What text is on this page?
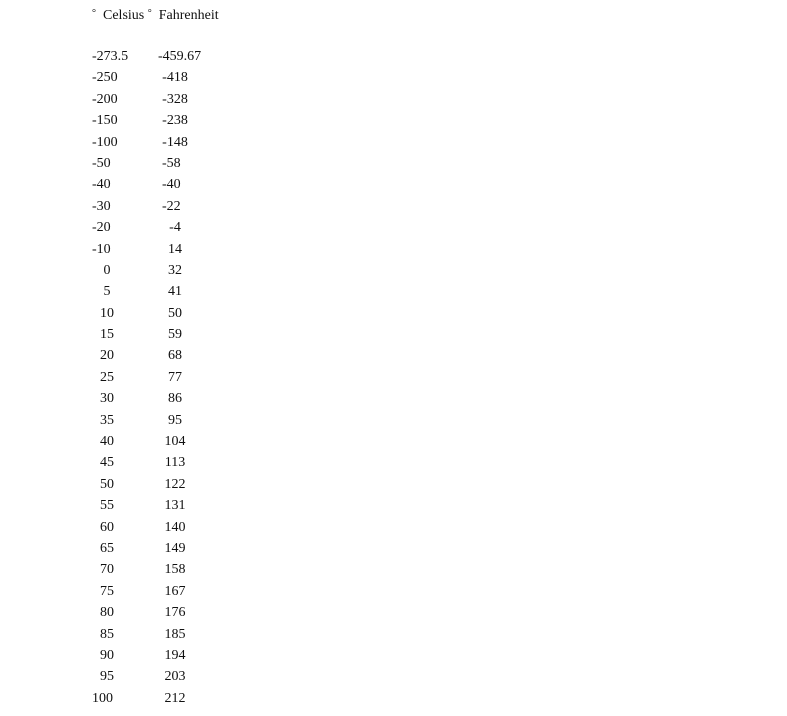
° Celsius ° Fahrenheit
-273.5 -459.67
-250	-418
-200	-328
-150	-238
-100	-148
-50	-58
-40	-40
-30	-22
-20	-4
-10	14
0	32
5	41
10	50
15	59
20	68
25	77
30	86
35	95
40	104
45	113
50	122
55	131
60	140
65	149
70	158
75	167
80	176
85	185
90	194
95	203
100	212
